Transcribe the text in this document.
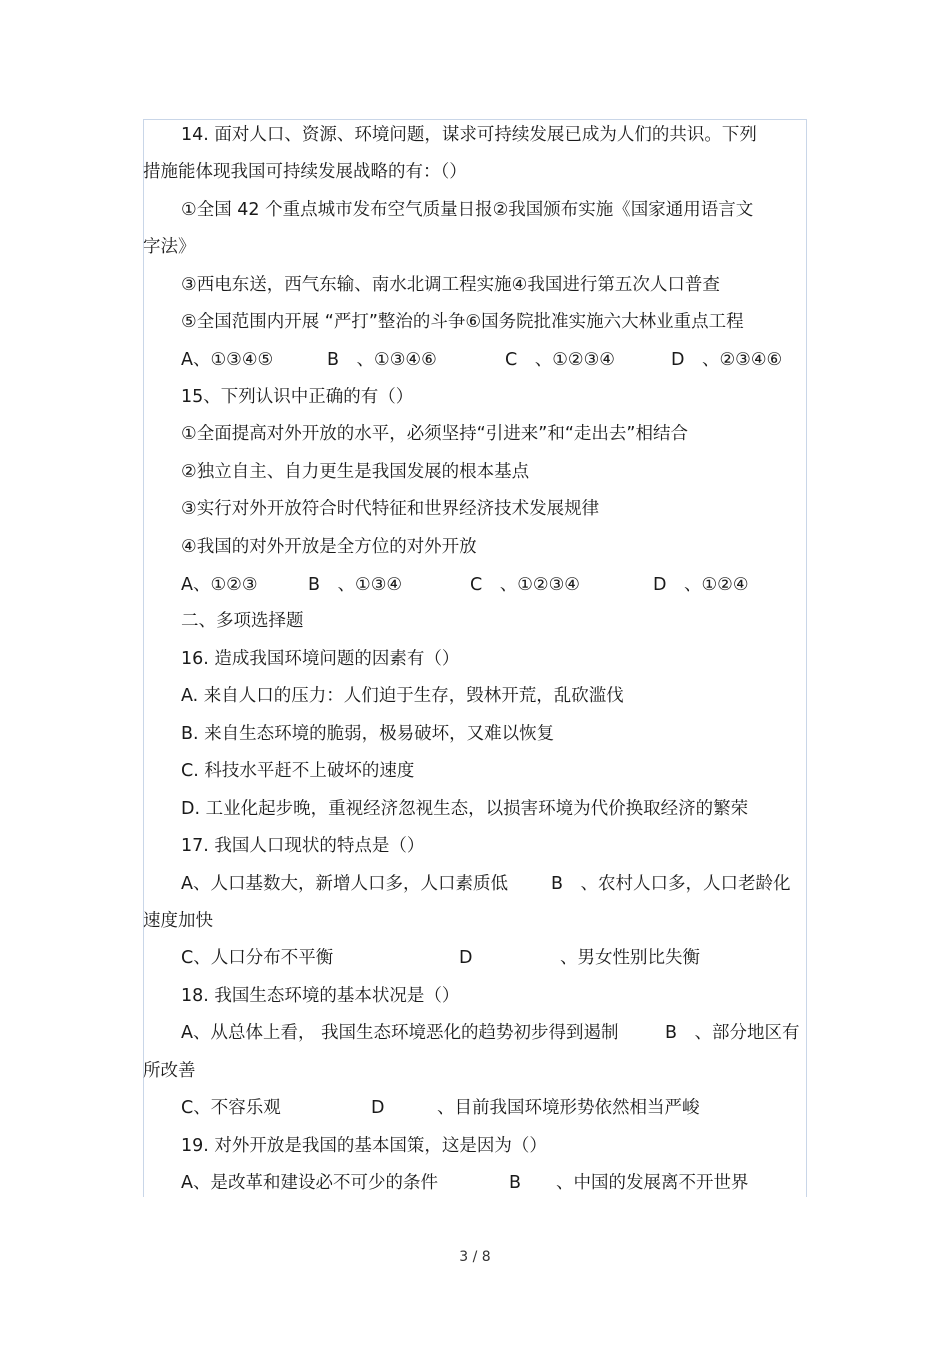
14. 面对人口、资源、环境问题，谋求可持续发展已成为人们的共识。下列
措施能体现我国可持续发展战略的有：（）
①全国 42 个重点城市发布空气质量日报②我国颁布实施《国家通用语言文
字法》
③西电东送，西气东输、南水北调工程实施④我国进行第五次人口普查
⑤全国范围内开展 “严打”整治的斗争⑥国务院批准实施六大林业重点工程
A、①③④⑤	B　、①③④⑥	C　、①②③④	D　、②③④⑥
15、下列认识中正确的有（）
①全面提高对外开放的水平，必须坚持“引进来”和“走出去”相结合
②独立自主、自力更生是我国发展的根本基点
③实行对外开放符合时代特征和世界经济技术发展规律
④我国的对外开放是全方位的对外开放
A、①②③	B　、①③④	C　、①②③④	D　、①②④
二、多项选择题
16. 造成我国环境问题的因素有（）
A. 来自人口的压力：人们迫于生存，毁林开荒，乱砍滥伐
B. 来自生态环境的脆弱，极易破坏，又难以恢复
C. 科技水平赶不上破坏的速度
D. 工业化起步晚，重视经济忽视生态，以损害环境为代价换取经济的繁荣
17. 我国人口现状的特点是（）
A、人口基数大，新增人口多，人口素质低 B　、农村人口多，人口老龄化
速度加快
C、人口分布不平衡	D　　　　　、男女性别比失衡
18. 我国生态环境的基本状况是（）
A、从总体上看， 我国生态环境恶化的趋势初步得到遏制	B　、部分地区有
所改善
C、不容乐观	D　　　、目前我国环境形势依然相当严峻
19. 对外开放是我国的基本国策，这是因为（）
A、是改革和建设必不可少的条件	B　　、中国的发展离不开世界
3 / 8
